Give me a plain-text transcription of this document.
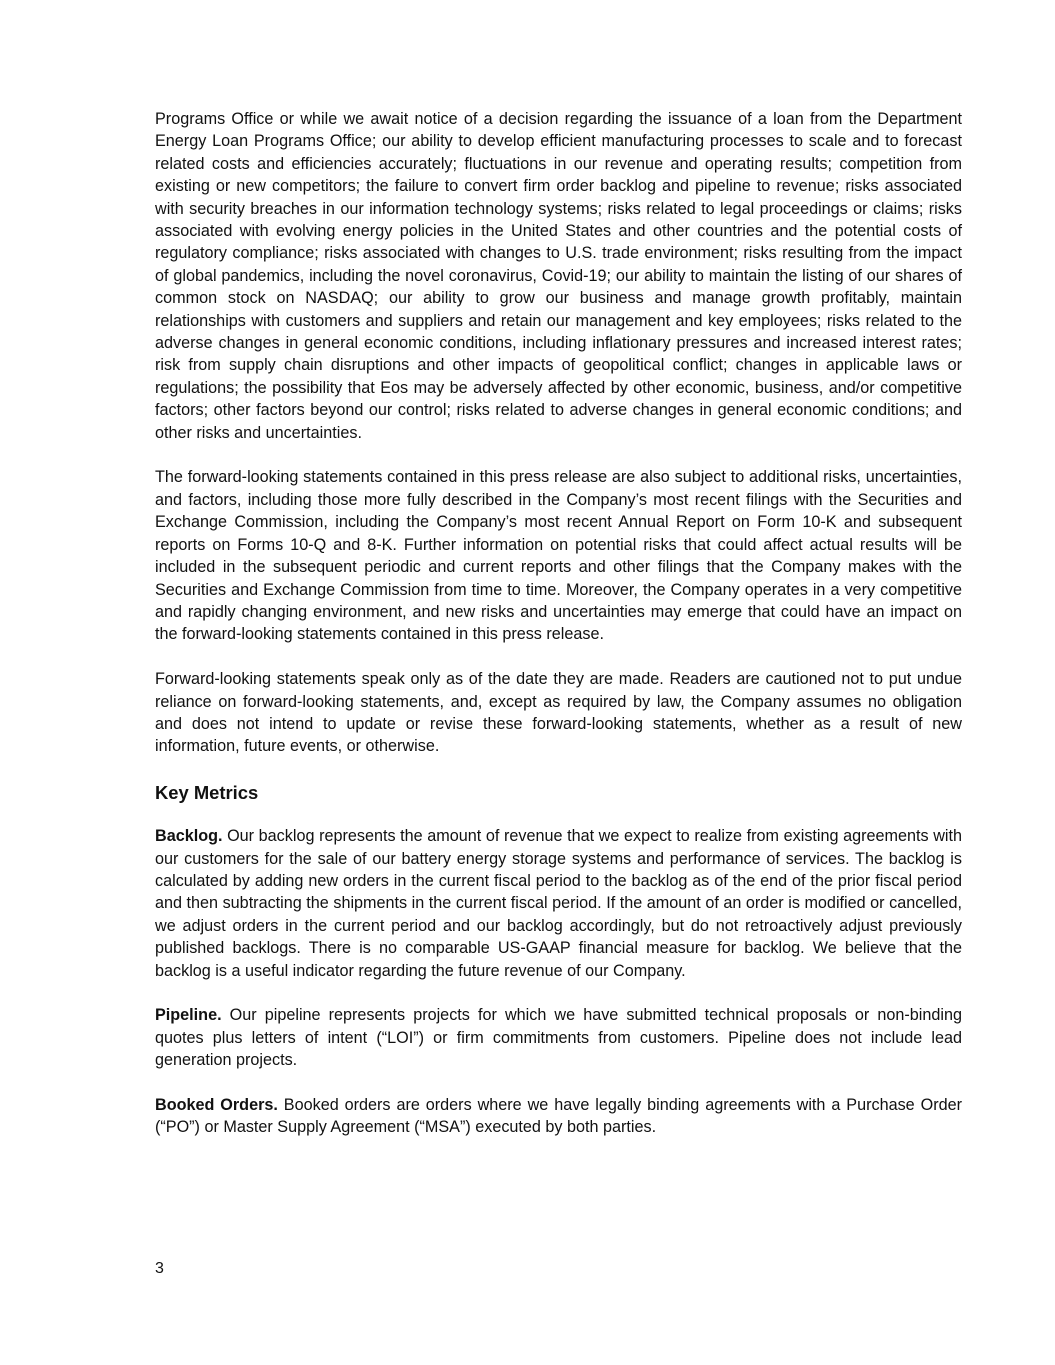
Programs Office or while we await notice of a decision regarding the issuance of a loan from the Department Energy Loan Programs Office; our ability to develop efficient manufacturing processes to scale and to forecast related costs and efficiencies accurately; fluctuations in our revenue and operating results; competition from existing or new competitors; the failure to convert firm order backlog and pipeline to revenue; risks associated with security breaches in our information technology systems; risks related to legal proceedings or claims; risks associated with evolving energy policies in the United States and other countries and the potential costs of regulatory compliance; risks associated with changes to U.S. trade environment; risks resulting from the impact of global pandemics, including the novel coronavirus, Covid-19; our ability to maintain the listing of our shares of common stock on NASDAQ; our ability to grow our business and manage growth profitably, maintain relationships with customers and suppliers and retain our management and key employees; risks related to the adverse changes in general economic conditions, including inflationary pressures and increased interest rates; risk from supply chain disruptions and other impacts of geopolitical conflict; changes in applicable laws or regulations; the possibility that Eos may be adversely affected by other economic, business, and/or competitive factors; other factors beyond our control; risks related to adverse changes in general economic conditions; and other risks and uncertainties.

The forward-looking statements contained in this press release are also subject to additional risks, uncertainties, and factors, including those more fully described in the Company’s most recent filings with the Securities and Exchange Commission, including the Company’s most recent Annual Report on Form 10-K and subsequent reports on Forms 10-Q and 8-K. Further information on potential risks that could affect actual results will be included in the subsequent periodic and current reports and other filings that the Company makes with the Securities and Exchange Commission from time to time. Moreover, the Company operates in a very competitive and rapidly changing environment, and new risks and uncertainties may emerge that could have an impact on the forward-looking statements contained in this press release.

Forward-looking statements speak only as of the date they are made. Readers are cautioned not to put undue reliance on forward-looking statements, and, except as required by law, the Company assumes no obligation and does not intend to update or revise these forward-looking statements, whether as a result of new information, future events, or otherwise.

Key Metrics

Backlog. Our backlog represents the amount of revenue that we expect to realize from existing agreements with our customers for the sale of our battery energy storage systems and performance of services. The backlog is calculated by adding new orders in the current fiscal period to the backlog as of the end of the prior fiscal period and then subtracting the shipments in the current fiscal period. If the amount of an order is modified or cancelled, we adjust orders in the current period and our backlog accordingly, but do not retroactively adjust previously published backlogs. There is no comparable US-GAAP financial measure for backlog. We believe that the backlog is a useful indicator regarding the future revenue of our Company.

Pipeline. Our pipeline represents projects for which we have submitted technical proposals or non-binding quotes plus letters of intent (“LOI”) or firm commitments from customers. Pipeline does not include lead generation projects.

Booked Orders. Booked orders are orders where we have legally binding agreements with a Purchase Order (“PO”) or Master Supply Agreement (“MSA”) executed by both parties.

3
